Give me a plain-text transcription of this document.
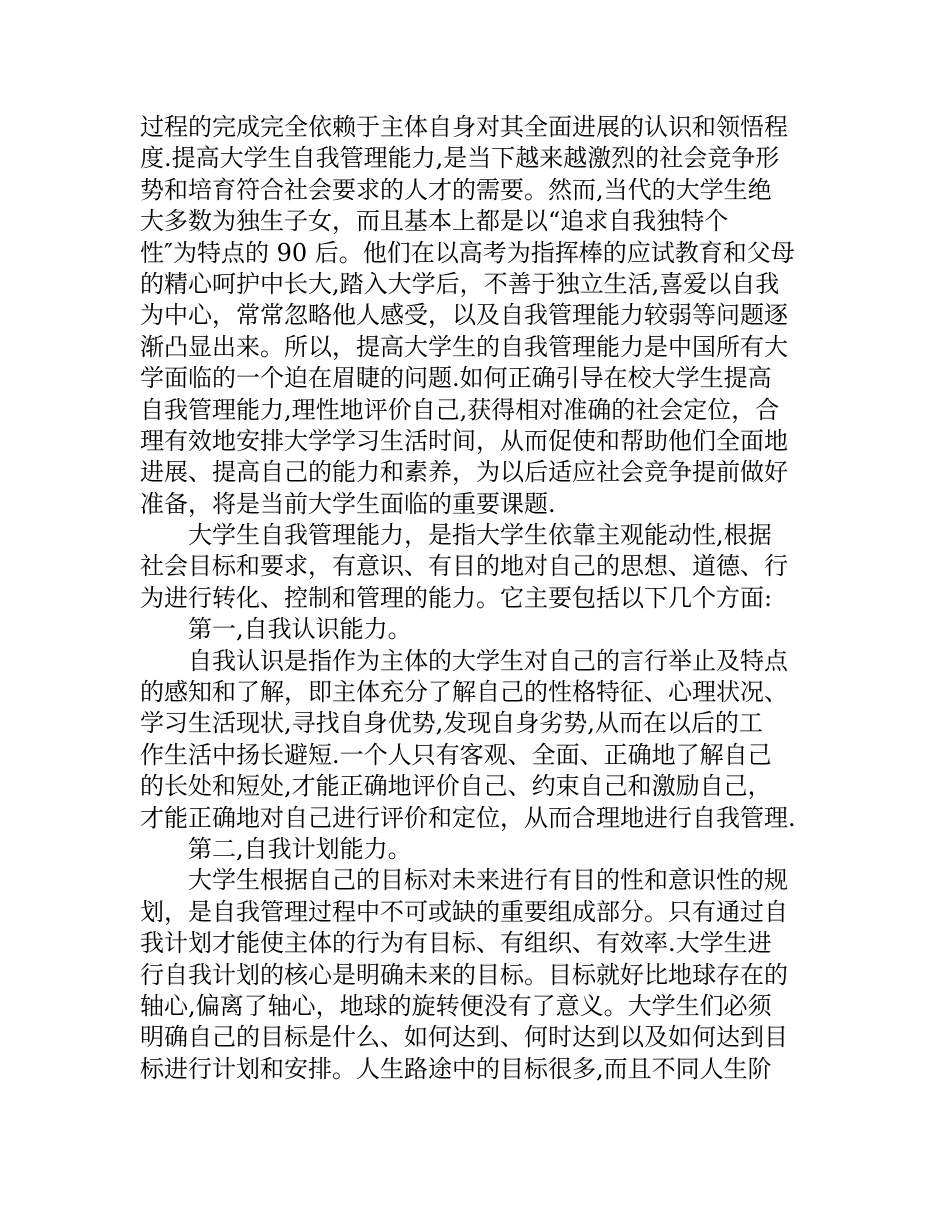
过程的完成完全依赖于主体自身对其全面进展的认识和领悟程
度.提高大学生自我管理能力,是当下越来越激烈的社会竞争形
势和培育符合社会要求的人才的需要。然而,当代的大学生绝
大多数为独生子女，而且基本上都是以“追求自我独特个
性″为特点的 90 后。他们在以高考为指挥棒的应试教育和父母
的精心呵护中长大,踏入大学后，不善于独立生活,喜爱以自我
为中心，常常忽略他人感受，以及自我管理能力较弱等问题逐
渐凸显出来。所以，提高大学生的自我管理能力是中国所有大
学面临的一个迫在眉睫的问题.如何正确引导在校大学生提高
自我管理能力,理性地评价自己,获得相对准确的社会定位，合
理有效地安排大学学习生活时间，从而促使和帮助他们全面地
进展、提高自己的能力和素养，为以后适应社会竞争提前做好
准备，将是当前大学生面临的重要课题.
大学生自我管理能力，是指大学生依靠主观能动性,根据
社会目标和要求，有意识、有目的地对自己的思想、道德、行
为进行转化、控制和管理的能力。它主要包括以下几个方面:
第一,自我认识能力。
自我认识是指作为主体的大学生对自己的言行举止及特点
的感知和了解，即主体充分了解自己的性格特征、心理状况、
学习生活现状,寻找自身优势,发现自身劣势,从而在以后的工
作生活中扬长避短.一个人只有客观、全面、正确地了解自己
的长处和短处,才能正确地评价自己、约束自己和激励自己，
才能正确地对自己进行评价和定位，从而合理地进行自我管理.
第二,自我计划能力。
大学生根据自己的目标对未来进行有目的性和意识性的规
划，是自我管理过程中不可或缺的重要组成部分。只有通过自
我计划才能使主体的行为有目标、有组织、有效率.大学生进
行自我计划的核心是明确未来的目标。目标就好比地球存在的
轴心,偏离了轴心，地球的旋转便没有了意义。大学生们必须
明确自己的目标是什么、如何达到、何时达到以及如何达到目
标进行计划和安排。人生路途中的目标很多,而且不同人生阶
